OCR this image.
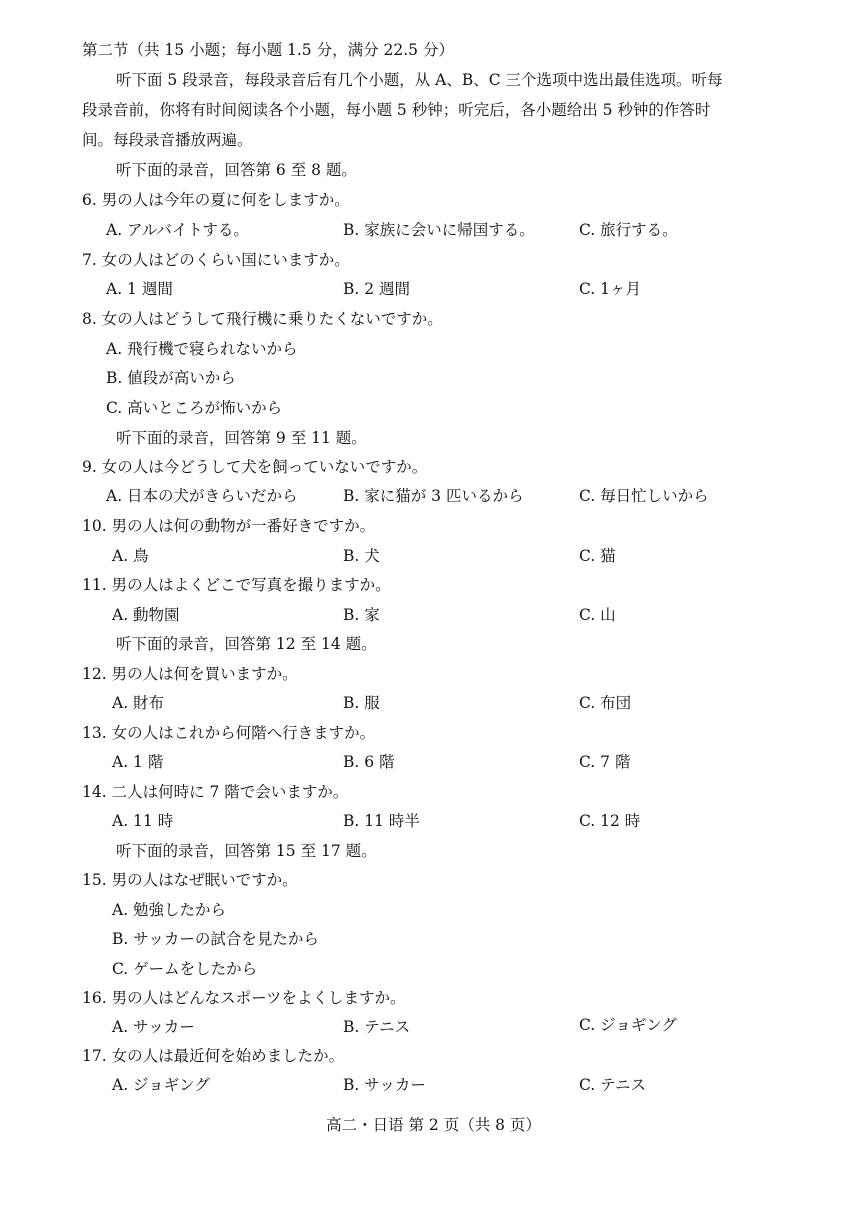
第二节（共 15 小题；每小题 1.5 分，满分 22.5 分）
听下面 5 段录音，每段录音后有几个小题，从 A、B、C 三个选项中选出最佳选项。听每
段录音前，你将有时间阅读各个小题，每小题 5 秒钟；听完后，各小题给出 5 秒钟的作答时
间。每段录音播放两遍。
听下面的录音，回答第 6 至 8 题。
6. 男の人は今年の夏に何をしますか。
A. アルバイトする。	B. 家族に会いに帰国する。	C. 旅行する。
7. 女の人はどのくらい国にいますか。
A. 1 週間	B. 2 週間	C. 1ヶ月
8. 女の人はどうして飛行機に乗りたくないですか。
A. 飛行機で寝られないから
B. 値段が高いから
C. 高いところが怖いから
听下面的录音，回答第 9 至 11 题。
9. 女の人は今どうして犬を飼っていないですか。
A. 日本の犬がきらいだから	B. 家に猫が 3 匹いるから	C. 毎日忙しいから
10. 男の人は何の動物が一番好きですか。
A. 鳥	B. 犬	C. 猫
11. 男の人はよくどこで写真を撮りますか。
A. 動物園	B. 家	C. 山
听下面的录音，回答第 12 至 14 题。
12. 男の人は何を買いますか。
A. 財布	B. 服	C. 布団
13. 女の人はこれから何階へ行きますか。
A. 1 階	B. 6 階	C. 7 階
14. 二人は何時に 7 階で会いますか。
A. 11 時	B. 11 時半	C. 12 時
听下面的录音，回答第 15 至 17 题。
15. 男の人はなぜ眠いですか。
A. 勉強したから
B. サッカーの試合を見たから
C. ゲームをしたから
16. 男の人はどんなスポーツをよくしますか。
A. サッカー	B. テニス	C. ジョギング
17. 女の人は最近何を始めましたか。
A. ジョギング	B. サッカー	C. テニス
高二・日语 第 2 页（共 8 页）
